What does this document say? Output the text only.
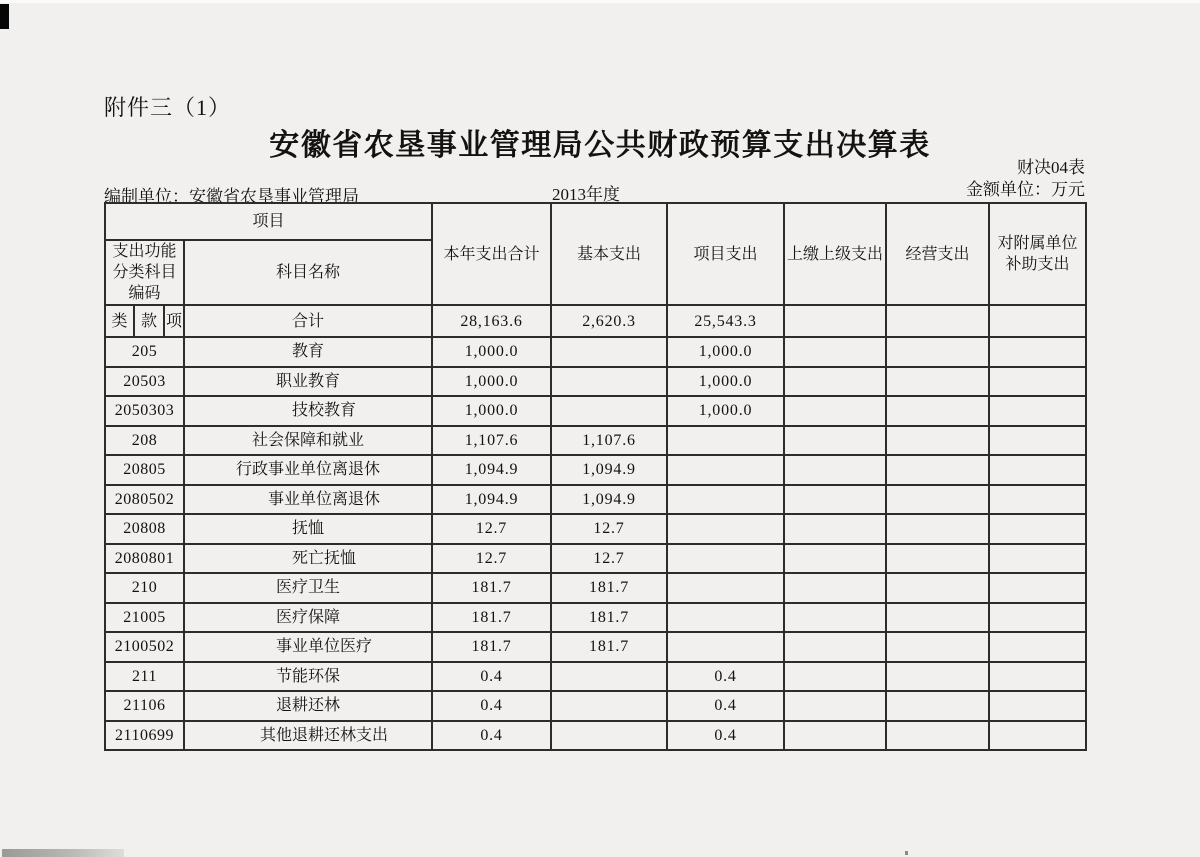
附件三（1）
安徽省农垦事业管理局公共财政预算支出决算表
财决04表
金额单位：万元
编制单位：安徽省农垦事业管理局	2013年度
项目				本年支出合计	基本支出	项目支出	上缴上级支出	经营支出	对附属单位补助支出
支出功能分类科目编码			科目名称						
类	款	项	合计	28,163.6	2,620.3	25,543.3			
205			教育	1,000.0		1,000.0			
20503			职业教育	1,000.0		1,000.0			
2050303			技校教育	1,000.0		1,000.0			
208			社会保障和就业	1,107.6	1,107.6				
20805			行政事业单位离退休	1,094.9	1,094.9				
2080502			事业单位离退休	1,094.9	1,094.9				
20808			抚恤	12.7	12.7				
2080801			死亡抚恤	12.7	12.7				
210			医疗卫生	181.7	181.7				
21005			医疗保障	181.7	181.7				
2100502			事业单位医疗	181.7	181.7				
211			节能环保	0.4		0.4			
21106			退耕还林	0.4		0.4			
2110699			其他退耕还林支出	0.4		0.4			
